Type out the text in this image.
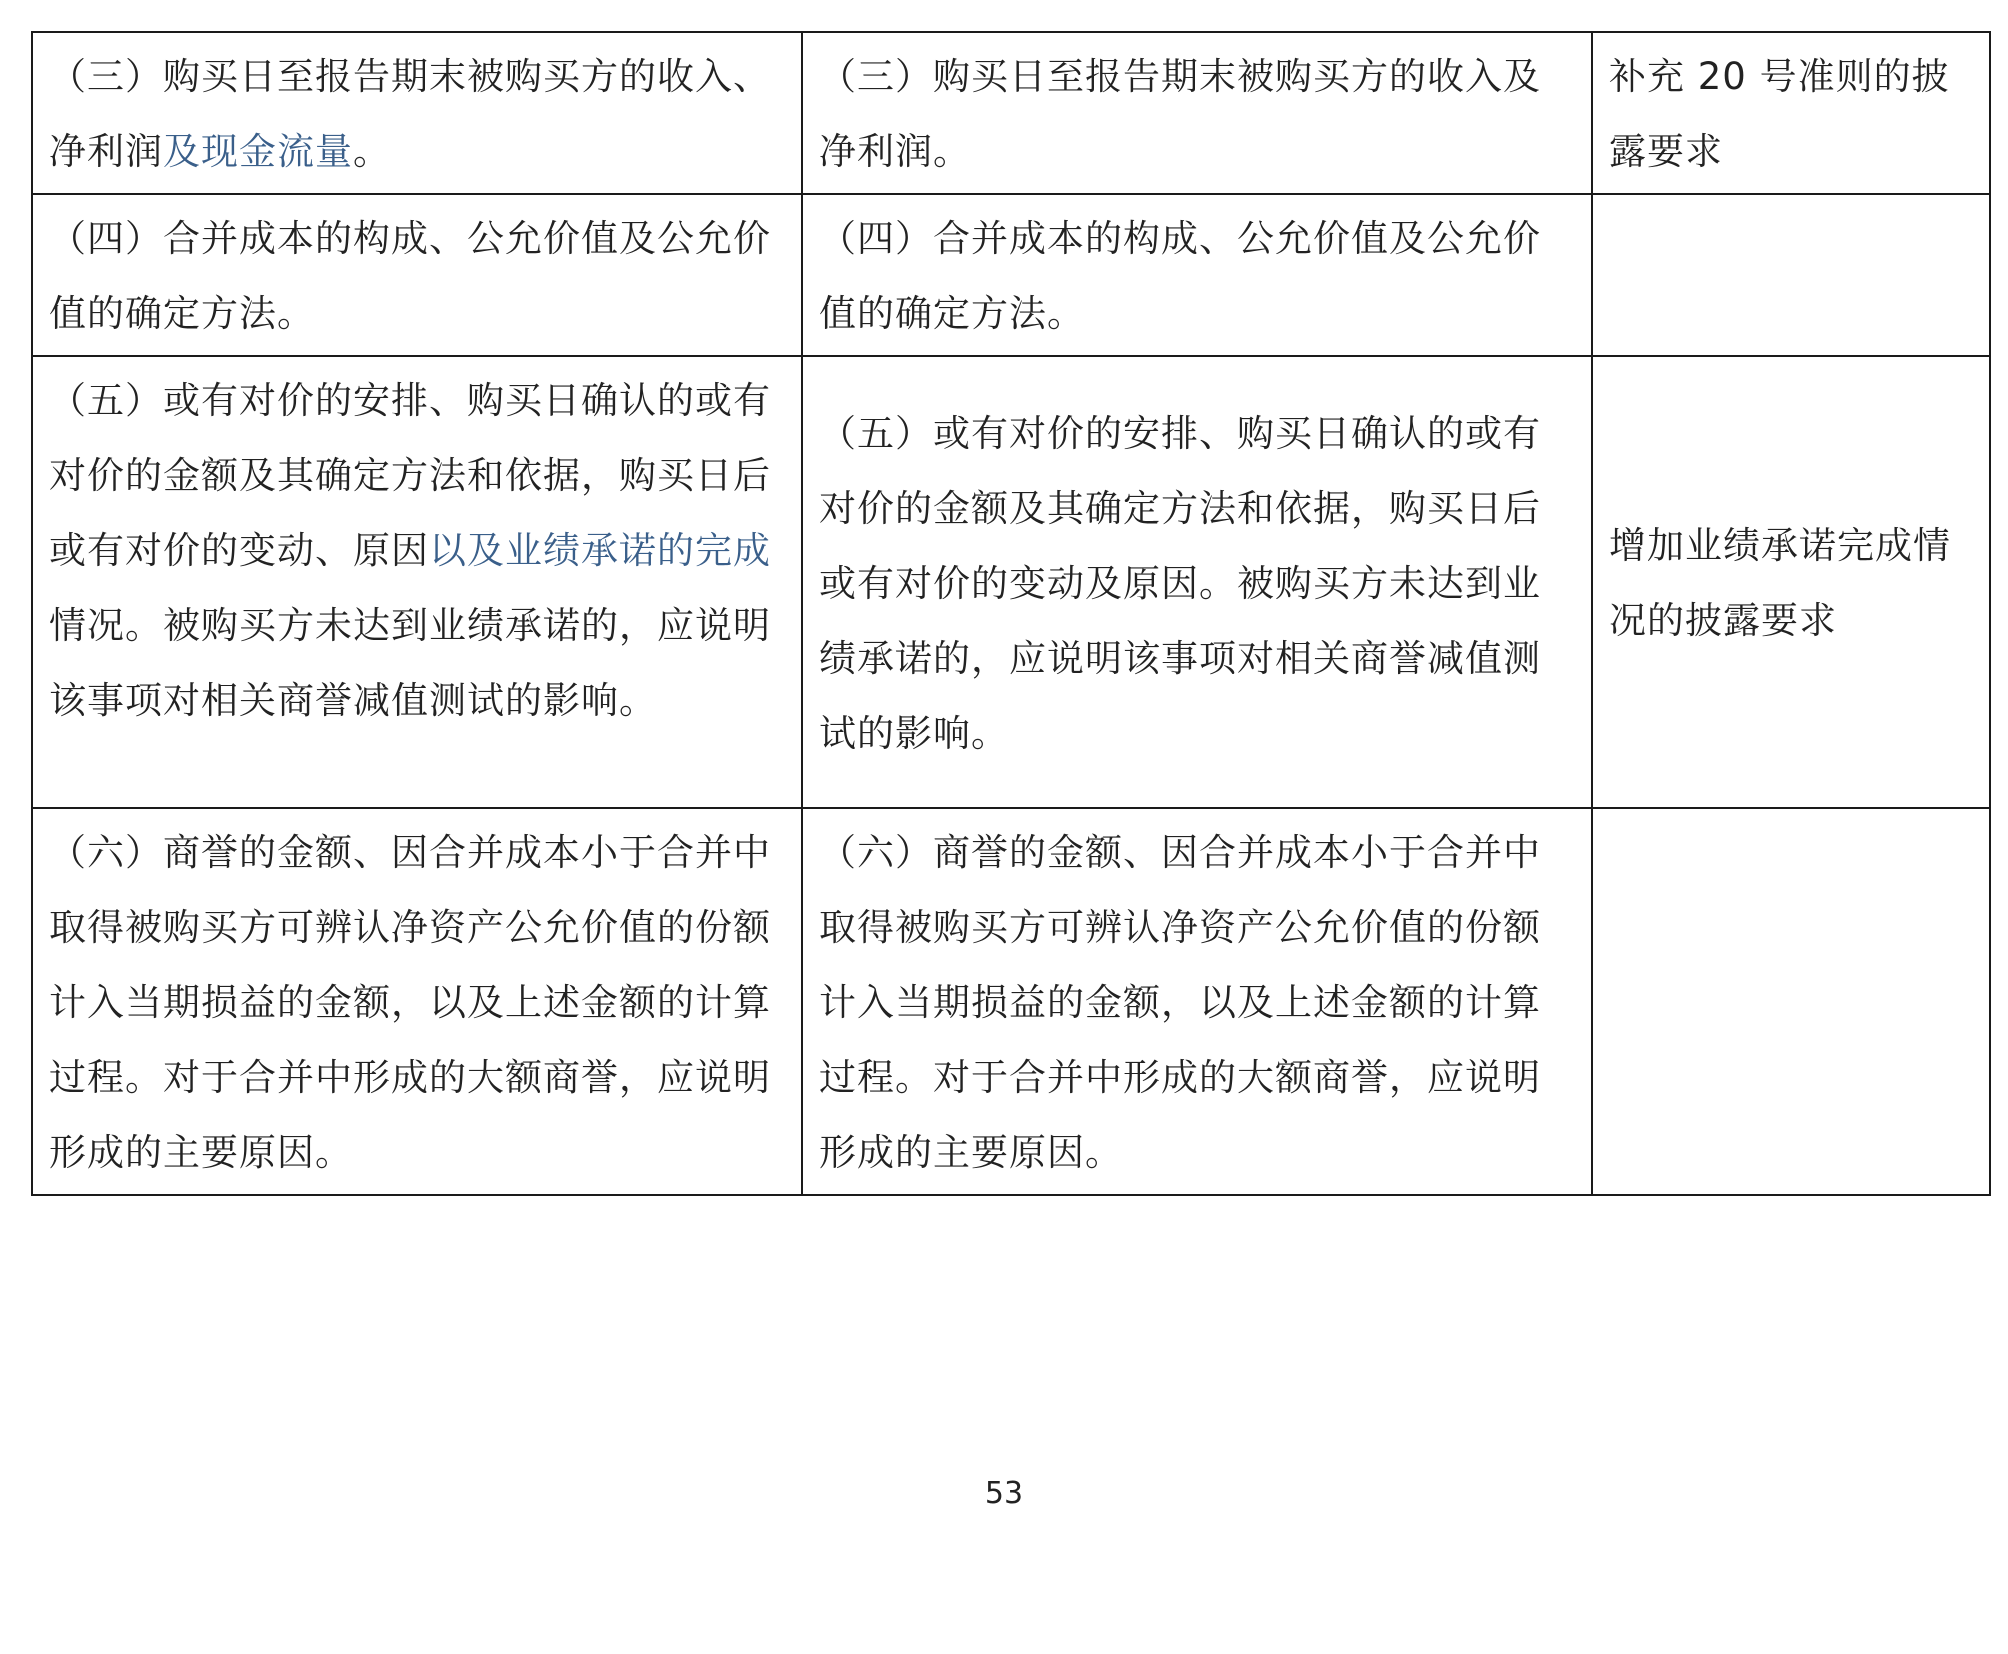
（三）购买日至报告期末被购买方的收入、净利润及现金流量。	（三）购买日至报告期末被购买方的收入及净利润。	补充 20 号准则的披露要求
（四）合并成本的构成、公允价值及公允价值的确定方法。	（四）合并成本的构成、公允价值及公允价值的确定方法。	
（五）或有对价的安排、购买日确认的或有对价的金额及其确定方法和依据，购买日后或有对价的变动、原因以及业绩承诺的完成情况。被购买方未达到业绩承诺的，应说明该事项对相关商誉减值测试的影响。	（五）或有对价的安排、购买日确认的或有对价的金额及其确定方法和依据，购买日后或有对价的变动及原因。被购买方未达到业绩承诺的，应说明该事项对相关商誉减值测试的影响。	增加业绩承诺完成情况的披露要求
（六）商誉的金额、因合并成本小于合并中取得被购买方可辨认净资产公允价值的份额计入当期损益的金额，以及上述金额的计算过程。对于合并中形成的大额商誉，应说明形成的主要原因。	（六）商誉的金额、因合并成本小于合并中取得被购买方可辨认净资产公允价值的份额计入当期损益的金额，以及上述金额的计算过程。对于合并中形成的大额商誉，应说明形成的主要原因。	
53
